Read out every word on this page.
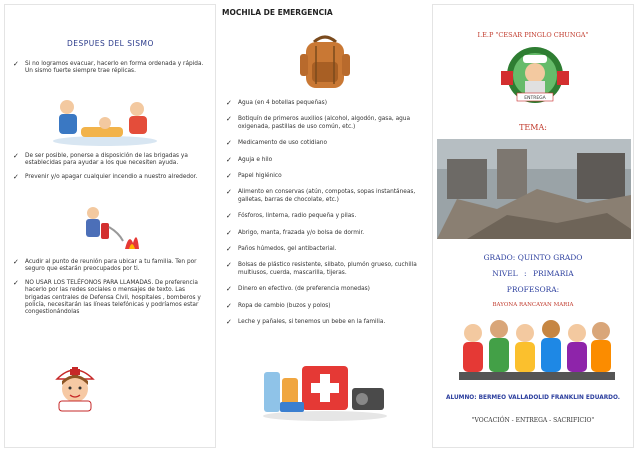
DESPUES DEL SISMO
✓ Si no logramos evacuar, hacerlo en forma ordenada y rápida. Un sismo fuerte siempre trae réplicas.
✓ De ser posible, ponerse a disposición de las brigadas ya establecidas para ayudar a los que necesiten ayuda.
✓ Prevenir y/o apagar cualquier incendio a nuestro alrededor.
✓ Acudir al punto de reunión para ubicar a tu familia. Ten por seguro que estarán preocupados por ti.
✓ NO USAR LOS TELÉFONOS PARA LLAMADAS. De preferencia hacerlo por las redes sociales o mensajes de texto. Las brigadas centrales de Defensa Civil, hospitales , bomberos y policía, necesitarán las líneas telefónicas y podríamos estar congestionándolas
MOCHILA DE EMERGENCIA
✓ Agua (en 4 botellas pequeñas)
✓ Botiquín de primeros auxilios (alcohol, algodón, gasa, agua oxigenada, pastillas de uso común, etc.)
✓ Medicamento de uso cotidiano
✓ Aguja e hilo
✓ Papel higiénico
✓ Alimento en conservas (atún, compotas, sopas instantáneas, galletas, barras de chocolate, etc.)
✓ Fósforos, linterna, radio pequeña y pilas.
✓ Abrigo, manta, frazada y/o bolsa de dormir.
✓ Paños húmedos, gel antibacterial.
✓ Bolsas de plástico resistente, silbato, plumón grueso, cuchilla multiusos, cuerda, mascarilla, tijeras.
✓ Dinero en efectivo. (de preferencia monedas)
✓ Ropa de cambio (buzos y polos)
✓ Leche y pañales, si tenemos un bebe en la familia.
I.E.P "CESAR PINGLO CHUNGA"
ENTREGA
TEMA:
GRADO: QUINTO GRADO
NIVEL : PRIMARIA
PROFESORA:
BAYONA RANCAYAN MARIA
ALUMNO: BERMEO VALLADOLID FRANKLIN EDUARDO.
"VOCACIÓN - ENTREGA - SACRIFICIO"
